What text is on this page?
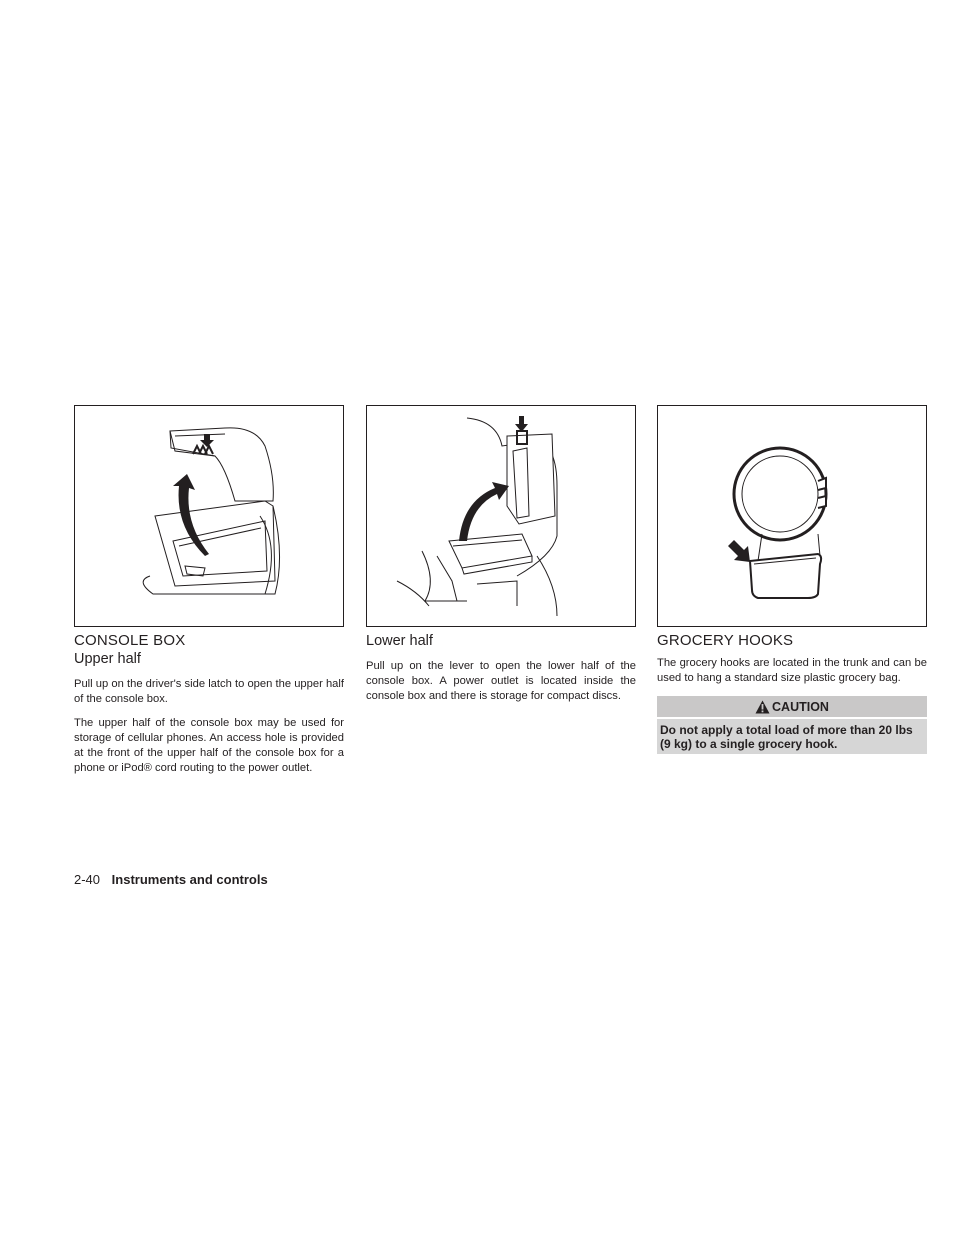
CONSOLE BOX
Upper half

Pull up on the driver's side latch to open the upper half of the console box.

The upper half of the console box may be used for storage of cellular phones. An access hole is provided at the front of the upper half of the console box for a phone or iPod® cord routing to the power outlet.

Lower half

Pull up on the lever to open the lower half of the console box. A power outlet is located inside the console box and there is storage for compact discs.

GROCERY HOOKS

The grocery hooks are located in the trunk and can be used to hang a standard size plastic grocery bag.

CAUTION
Do not apply a total load of more than 20 lbs (9 kg) to a single grocery hook.
2-40 Instruments and controls
